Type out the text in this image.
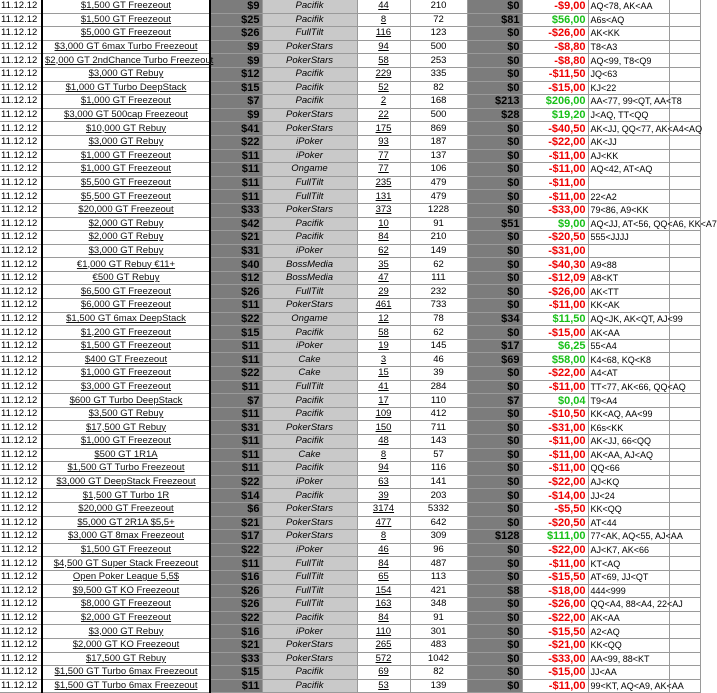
11.12.12	$1,500 GT Freezeout	$9	Pacifik	44	210	$0	-$9,00	AQ<78, AK<AA	
11.12.12	$1,500 GT Freezeout	$25	Pacifik	8	72	$81	$56,00	A6s<AQ	
11.12.12	$5,000 GT Freezeout	$26	FullTilt	116	123	$0	-$26,00	AK<KK	
11.12.12	$3,000 GT 6max Turbo Freezeout	$9	PokerStars	94	500	$0	-$8,80	T8<A3	
11.12.12	$2,000 GT 2ndChance Turbo Freezeout	$9	PokerStars	58	253	$0	-$8,80	AQ<99, T8<Q9	
11.12.12	$3,000 GT Rebuy	$12	Pacifik	229	335	$0	-$11,50	JQ<63	
11.12.12	$1,000 GT Turbo DeepStack	$15	Pacifik	52	82	$0	-$15,00	KJ<22	
11.12.12	$1,000 GT Freezeout	$7	Pacifik	2	168	$213	$206,00	AA<77, 99<QT, AA<T8	
11.12.12	$3,000 GT 500cap Freezeout	$9	PokerStars	22	500	$28	$19,20	J<AQ, TT<QQ	
11.12.12	$10,000 GT Rebuy	$41	PokerStars	175	869	$0	-$40,50	AK<JJ, QQ<77, AK<A4<AQ	
11.12.12	$3,000 GT Rebuy	$22	iPoker	93	187	$0	-$22,00	AK<JJ	
11.12.12	$1,000 GT Freezeout	$11	iPoker	77	137	$0	-$11,00	AJ<KK	
11.12.12	$1,000 GT Freezeout	$11	Ongame	77	106	$0	-$11,00	AQ<42, AT<AQ	
11.12.12	$5,500 GT Freezeout	$11	FullTilt	235	479	$0	-$11,00		
11.12.12	$5,500 GT Freezeout	$11	FullTilt	131	479	$0	-$11,00	22<A2	
11.12.12	$20,000 GT Freezeout	$33	PokerStars	373	1228	$0	-$33,00	79<86, A9<KK	
11.12.12	$2,000 GT Rebuy	$42	Pacifik	10	91	$51	$9,00	AQ<JJ, AT<56, QQ<A6, KK<A7	
11.12.12	$2,000 GT Rebuy	$21	Pacifik	84	210	$0	-$20,50	555<JJJJ	
11.12.12	$3,000 GT Rebuy	$31	iPoker	62	149	$0	-$31,00		
11.12.12	€1,000 GT Rebuy €11+	$40	BossMedia	35	62	$0	-$40,30	A9<88	
11.12.12	€500 GT Rebuy	$12	BossMedia	47	111	$0	-$12,09	A8<KT	
11.12.12	$6,500 GT Freezeout	$26	FullTilt	29	232	$0	-$26,00	AK<TT	
11.12.12	$6,000 GT Freezeout	$11	PokerStars	461	733	$0	-$11,00	KK<AK	
11.12.12	$1,500 GT 6max DeepStack	$22	Ongame	12	78	$34	$11,50	AQ<JK, AK<QT, AJ<99	
11.12.12	$1,200 GT Freezeout	$15	Pacifik	58	62	$0	-$15,00	AK<AA	
11.12.12	$1,500 GT Freezeout	$11	iPoker	19	145	$17	$6,25	55<A4	
11.12.12	$400 GT Freezeout	$11	Cake	3	46	$69	$58,00	K4<68, KQ<K8	
11.12.12	$1,000 GT Freezeout	$22	Cake	15	39	$0	-$22,00	A4<AT	
11.12.12	$3,000 GT Freezeout	$11	FullTilt	41	284	$0	-$11,00	TT<77, AK<66, QQ<AQ	
11.12.12	$600 GT Turbo DeepStack	$7	Pacifik	17	110	$7	$0,04	T9<A4	
11.12.12	$3,500 GT Rebuy	$11	Pacifik	109	412	$0	-$10,50	KK<AQ, AA<99	
11.12.12	$17,500 GT Rebuy	$31	PokerStars	150	711	$0	-$31,00	K6s<KK	
11.12.12	$1,000 GT Freezeout	$11	Pacifik	48	143	$0	-$11,00	AK<JJ, 66<QQ	
11.12.12	$500 GT 1R1A	$11	Cake	8	57	$0	-$11,00	AK<AA, AJ<AQ	
11.12.12	$1,500 GT Turbo Freezeout	$11	Pacifik	94	116	$0	-$11,00	QQ<66	
11.12.12	$3,000 GT DeepStack Freezeout	$22	iPoker	63	141	$0	-$22,00	AJ<KQ	
11.12.12	$1,500 GT Turbo 1R	$14	Pacifik	39	203	$0	-$14,00	JJ<24	
11.12.12	$20,000 GT Freezeout	$6	PokerStars	3174	5332	$0	-$5,50	KK<QQ	
11.12.12	$5,000 GT 2R1A $5,5+	$21	PokerStars	477	642	$0	-$20,50	AT<44	
11.12.12	$3,000 GT 8max Freezeout	$17	PokerStars	8	309	$128	$111,00	77<AK, AQ<55, AJ<AA	
11.12.12	$1,500 GT Freezeout	$22	iPoker	46	96	$0	-$22,00	AJ<K7, AK<66	
11.12.12	$4,500 GT Super Stack Freezeout	$11	FullTilt	84	487	$0	-$11,00	KT<AQ	
11.12.12	Open Poker League 5,5$	$16	FullTilt	65	113	$0	-$15,50	AT<69, JJ<QT	
11.12.12	$9,500 GT KO Freezeout	$26	FullTilt	154	421	$8	-$18,00	444<999	
11.12.12	$8,000 GT Freezeout	$26	FullTilt	163	348	$0	-$26,00	QQ<A4, 88<A4, 22<AJ	
11.12.12	$2,000 GT Freezeout	$22	Pacifik	84	91	$0	-$22,00	AK<AA	
11.12.12	$3,000 GT Rebuy	$16	iPoker	110	301	$0	-$15,50	A2<AQ	
11.12.12	$2,000 GT KO Freezeout	$21	PokerStars	265	483	$0	-$21,00	KK<QQ	
11.12.12	$17,500 GT Rebuy	$33	PokerStars	572	1042	$0	-$33,00	AA<99, 88<KT	
11.12.12	$1,500 GT Turbo 6max Freezeout	$15	Pacifik	69	82	$0	-$15,00	JJ<AA	
11.12.12	$1,500 GT Turbo 6max Freezeout	$11	Pacifik	53	139	$0	-$11,00	99<KT, AQ<A9, AK<AA	
